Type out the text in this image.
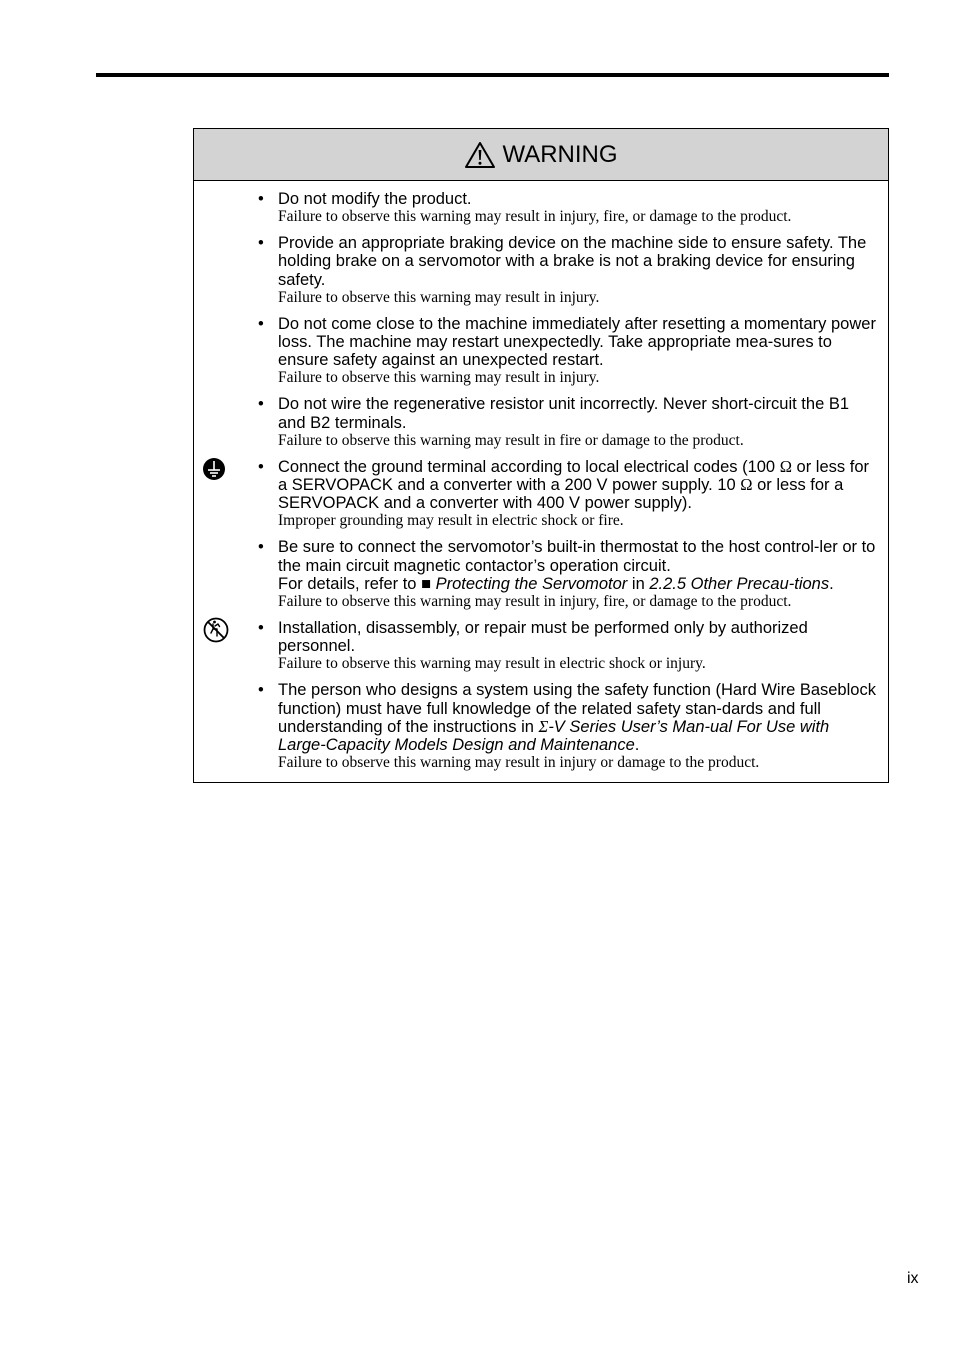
WARNING
• Do not modify the product.

Failure to observe this warning may result in injury, fire, or damage to the product.

• Provide an appropriate braking device on the machine side to ensure safety. The holding brake on a servomotor with a brake is not a braking device for ensuring safety.

Failure to observe this warning may result in injury.

• Do not come close to the machine immediately after resetting a momentary power loss. The machine may restart unexpectedly. Take appropriate mea-sures to ensure safety against an unexpected restart.

Failure to observe this warning may result in injury.

• Do not wire the regenerative resistor unit incorrectly. Never short-circuit the B1 and B2 terminals.

Failure to observe this warning may result in fire or damage to the product.

• Connect the ground terminal according to local electrical codes (100 Ω or less for a SERVOPACK and a converter with a 200 V power supply. 10 Ω or less for a SERVOPACK and a converter with 400 V power supply).

Improper grounding may result in electric shock or fire.

• Be sure to connect the servomotor’s built-in thermostat to the host control-ler or to the main circuit magnetic contactor’s operation circuit.

For details, refer to ■ Protecting the Servomotor in 2.2.5 Other Precau-tions.

Failure to observe this warning may result in injury, fire, or damage to the product.

• Installation, disassembly, or repair must be performed only by authorized personnel.

Failure to observe this warning may result in electric shock or injury.

• The person who designs a system using the safety function (Hard Wire Baseblock function) must have full knowledge of the related safety stan-dards and full understanding of the instructions in Σ-V Series User’s Man-ual For Use with Large-Capacity Models Design and Maintenance.

Failure to observe this warning may result in injury or damage to the product.

ix
